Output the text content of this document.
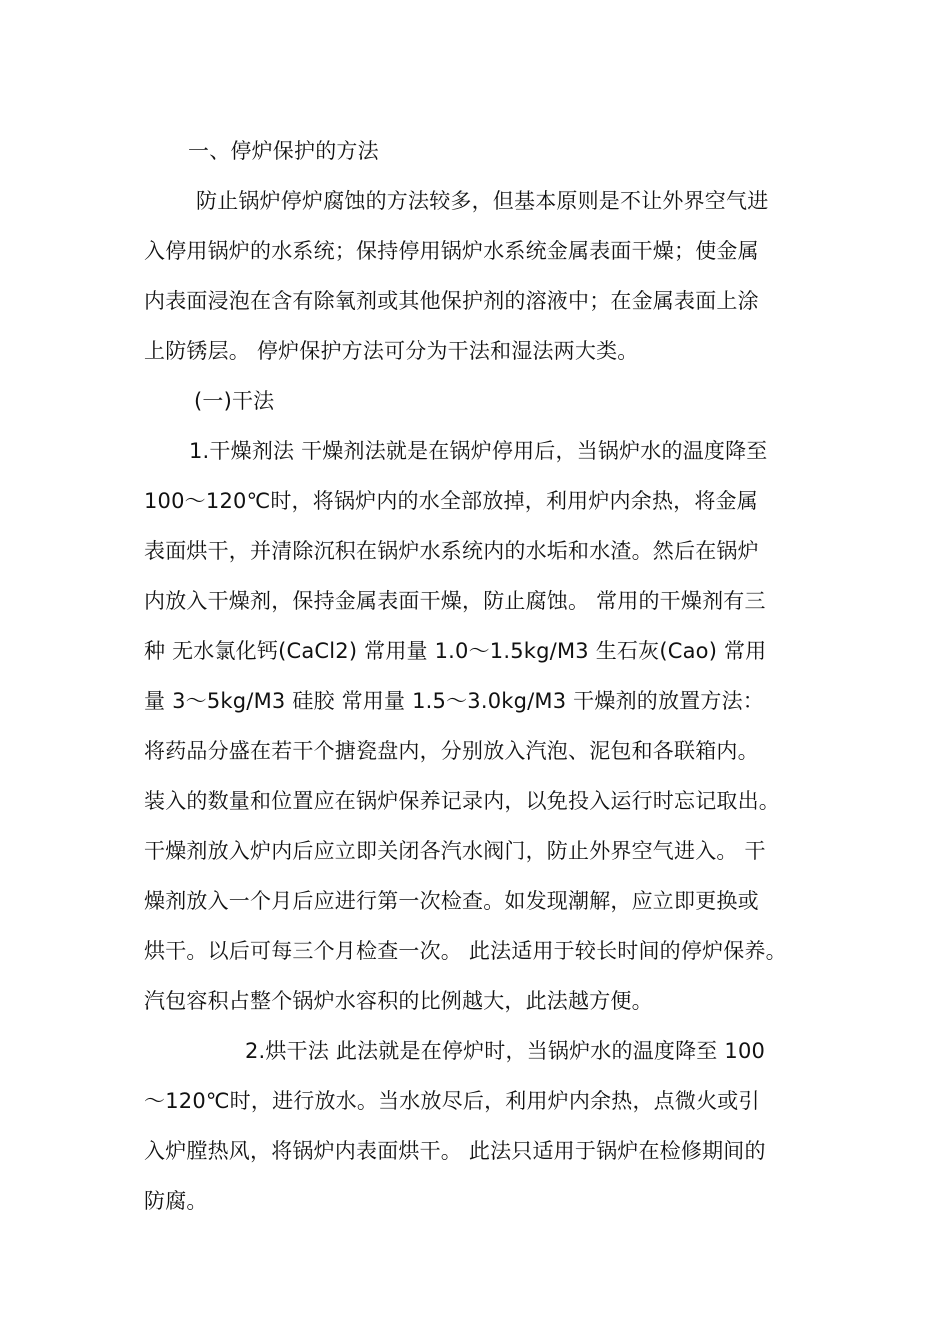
一、停炉保护的方法
防止锅炉停炉腐蚀的方法较多，但基本原则是不让外界空气进
入停用锅炉的水系统；保持停用锅炉水系统金属表面干燥；使金属
内表面浸泡在含有除氧剂或其他保护剂的溶液中；在金属表面上涂
上防锈层。 停炉保护方法可分为干法和湿法两大类。
(一)干法
1.干燥剂法 干燥剂法就是在锅炉停用后，当锅炉水的温度降至
100～120℃时，将锅炉内的水全部放掉，利用炉内余热，将金属
表面烘干，并清除沉积在锅炉水系统内的水垢和水渣。然后在锅炉
内放入干燥剂，保持金属表面干燥，防止腐蚀。 常用的干燥剂有三
种 无水氯化钙(CaCl2) 常用量 1.0～1.5kg/M3 生石灰(Cao) 常用
量 3～5kg/M3 硅胶 常用量 1.5～3.0kg/M3 干燥剂的放置方法：
将药品分盛在若干个搪瓷盘内，分别放入汽泡、泥包和各联箱内。
装入的数量和位置应在锅炉保养记录内，以免投入运行时忘记取出。
干燥剂放入炉内后应立即关闭各汽水阀门，防止外界空气进入。 干
燥剂放入一个月后应进行第一次检查。如发现潮解，应立即更换或
烘干。以后可每三个月检查一次。 此法适用于较长时间的停炉保养。
汽包容积占整个锅炉水容积的比例越大，此法越方便。
2.烘干法 此法就是在停炉时，当锅炉水的温度降至 100
～120℃时，进行放水。当水放尽后，利用炉内余热，点微火或引
入炉膛热风，将锅炉内表面烘干。 此法只适用于锅炉在检修期间的
防腐。
